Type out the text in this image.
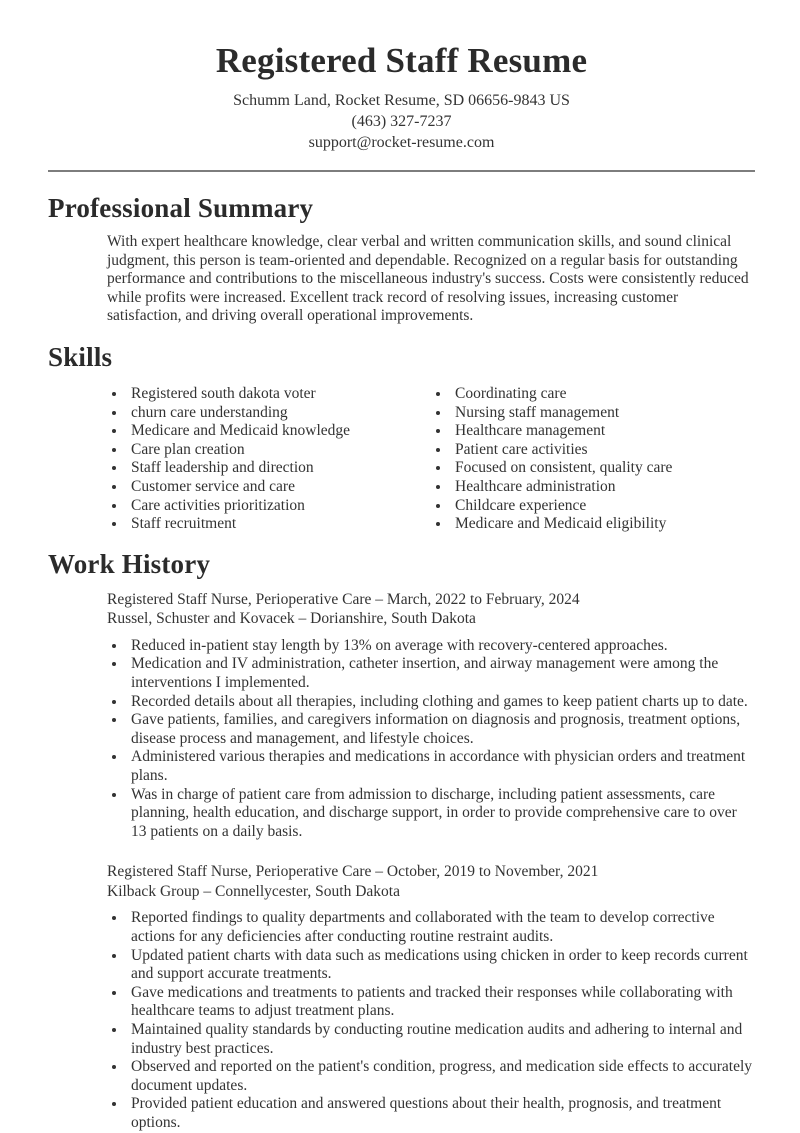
Registered Staff Resume
Schumm Land, Rocket Resume, SD 06656-9843 US
(463) 327-7237
support@rocket-resume.com
Professional Summary

With expert healthcare knowledge, clear verbal and written communication skills, and sound clinical judgment, this person is team-oriented and dependable. Recognized on a regular basis for outstanding performance and contributions to the miscellaneous industry's success. Costs were consistently reduced while profits were increased. Excellent track record of resolving issues, increasing customer satisfaction, and driving overall operational improvements.

Skills
• Registered south dakota voter
• churn care understanding
• Medicare and Medicaid knowledge
• Care plan creation
• Staff leadership and direction
• Customer service and care
• Care activities prioritization
• Staff recruitment
• Coordinating care
• Nursing staff management
• Healthcare management
• Patient care activities
• Focused on consistent, quality care
• Healthcare administration
• Childcare experience
• Medicare and Medicaid eligibility
Work History
Registered Staff Nurse, Perioperative Care – March, 2022 to February, 2024
Russel, Schuster and Kovacek – Dorianshire, South Dakota
• Reduced in-patient stay length by 13% on average with recovery-centered approaches.
• Medication and IV administration, catheter insertion, and airway management were among the interventions I implemented.
• Recorded details about all therapies, including clothing and games to keep patient charts up to date.
• Gave patients, families, and caregivers information on diagnosis and prognosis, treatment options, disease process and management, and lifestyle choices.
• Administered various therapies and medications in accordance with physician orders and treatment plans.
• Was in charge of patient care from admission to discharge, including patient assessments, care planning, health education, and discharge support, in order to provide comprehensive care to over 13 patients on a daily basis.
Registered Staff Nurse, Perioperative Care – October, 2019 to November, 2021
Kilback Group – Connellycester, South Dakota
• Reported findings to quality departments and collaborated with the team to develop corrective actions for any deficiencies after conducting routine restraint audits.
• Updated patient charts with data such as medications using chicken in order to keep records current and support accurate treatments.
• Gave medications and treatments to patients and tracked their responses while collaborating with healthcare teams to adjust treatment plans.
• Maintained quality standards by conducting routine medication audits and adhering to internal and industry best practices.
• Observed and reported on the patient's condition, progress, and medication side effects to accurately document updates.
• Provided patient education and answered questions about their health, prognosis, and treatment options.
